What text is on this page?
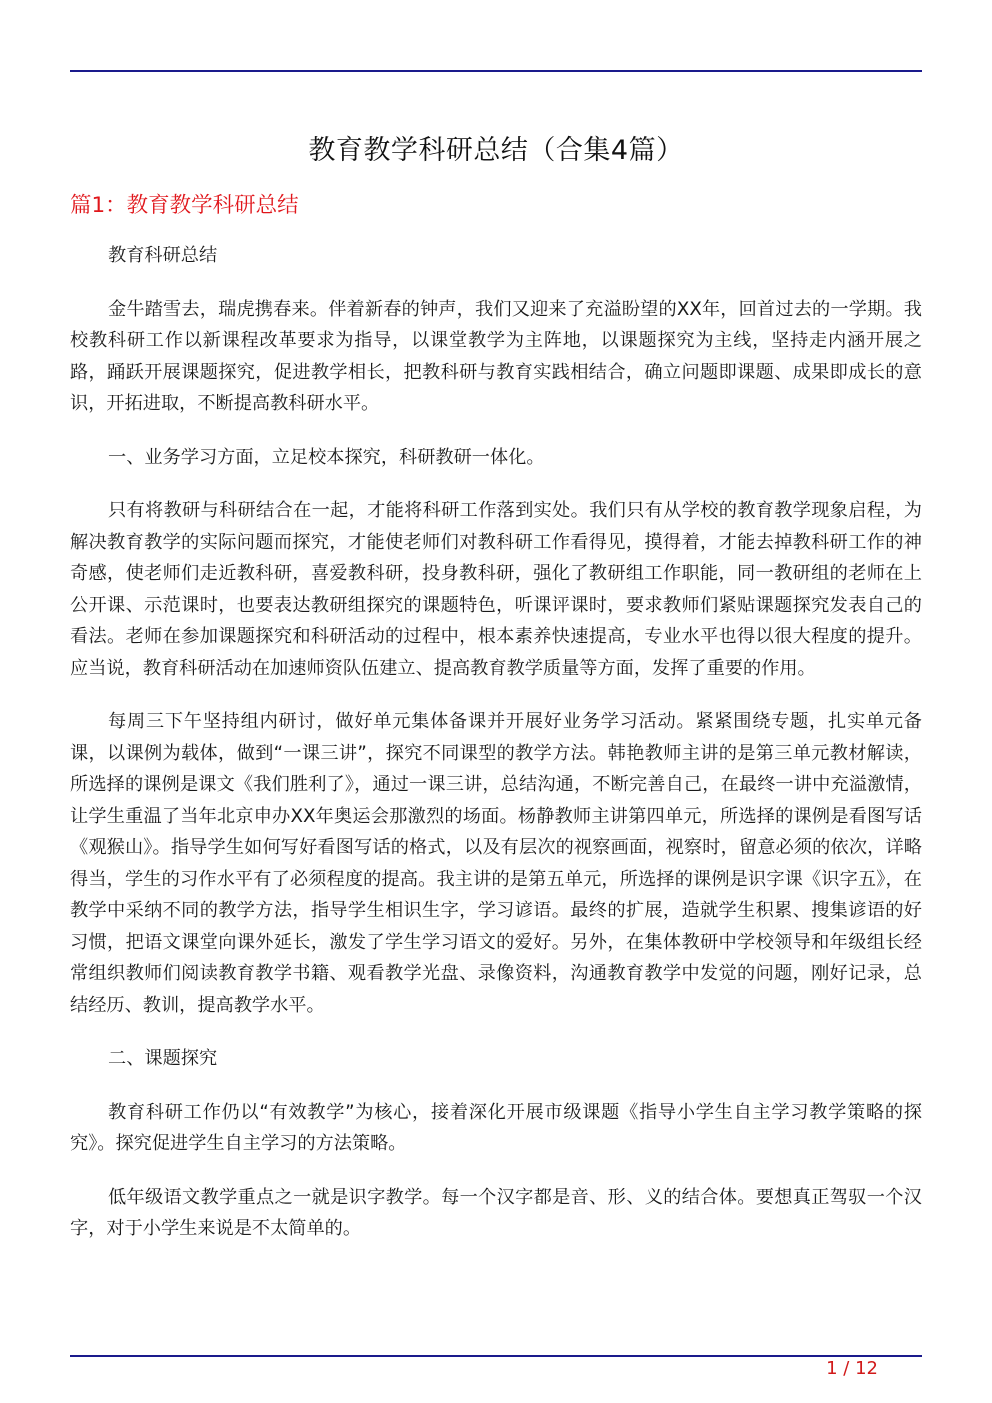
教育教学科研总结（合集4篇）
篇1：教育教学科研总结

教育科研总结

金牛踏雪去，瑞虎携春来。伴着新春的钟声，我们又迎来了充溢盼望的XX年，回首过去的一学期。我校教科研工作以新课程改革要求为指导，以课堂教学为主阵地，以课题探究为主线，坚持走内涵开展之路，踊跃开展课题探究，促进教学相长，把教科研与教育实践相结合，确立问题即课题、成果即成长的意识，开拓进取，不断提高教科研水平。

一、业务学习方面，立足校本探究，科研教研一体化。

只有将教研与科研结合在一起，才能将科研工作落到实处。我们只有从学校的教育教学现象启程，为解决教育教学的实际问题而探究，才能使老师们对教科研工作看得见，摸得着，才能去掉教科研工作的神奇感，使老师们走近教科研，喜爱教科研，投身教科研，强化了教研组工作职能，同一教研组的老师在上公开课、示范课时，也要表达教研组探究的课题特色，听课评课时，要求教师们紧贴课题探究发表自己的看法。老师在参加课题探究和科研活动的过程中，根本素养快速提高，专业水平也得以很大程度的提升。应当说，教育科研活动在加速师资队伍建立、提高教育教学质量等方面，发挥了重要的作用。

每周三下午坚持组内研讨，做好单元集体备课并开展好业务学习活动。紧紧围绕专题，扎实单元备课，以课例为载体，做到“一课三讲”，探究不同课型的教学方法。韩艳教师主讲的是第三单元教材解读，所选择的课例是课文《我们胜利了》，通过一课三讲，总结沟通，不断完善自己，在最终一讲中充溢激情，让学生重温了当年北京申办XX年奥运会那激烈的场面。杨静教师主讲第四单元，所选择的课例是看图写话《观猴山》。指导学生如何写好看图写话的格式，以及有层次的视察画面，视察时，留意必须的依次，详略得当，学生的习作水平有了必须程度的提高。我主讲的是第五单元，所选择的课例是识字课《识字五》，在教学中采纳不同的教学方法，指导学生相识生字，学习谚语。最终的扩展，造就学生积累、搜集谚语的好习惯，把语文课堂向课外延长，激发了学生学习语文的爱好。另外，在集体教研中学校领导和年级组长经常组织教师们阅读教育教学书籍、观看教学光盘、录像资料，沟通教育教学中发觉的问题，刚好记录，总结经历、教训，提高教学水平。

二、课题探究

教育科研工作仍以“有效教学”为核心，接着深化开展市级课题《指导小学生自主学习教学策略的探究》。探究促进学生自主学习的方法策略。

低年级语文教学重点之一就是识字教学。每一个汉字都是音、形、义的结合体。要想真正驾驭一个汉字，对于小学生来说是不太简单的。

1 / 12
